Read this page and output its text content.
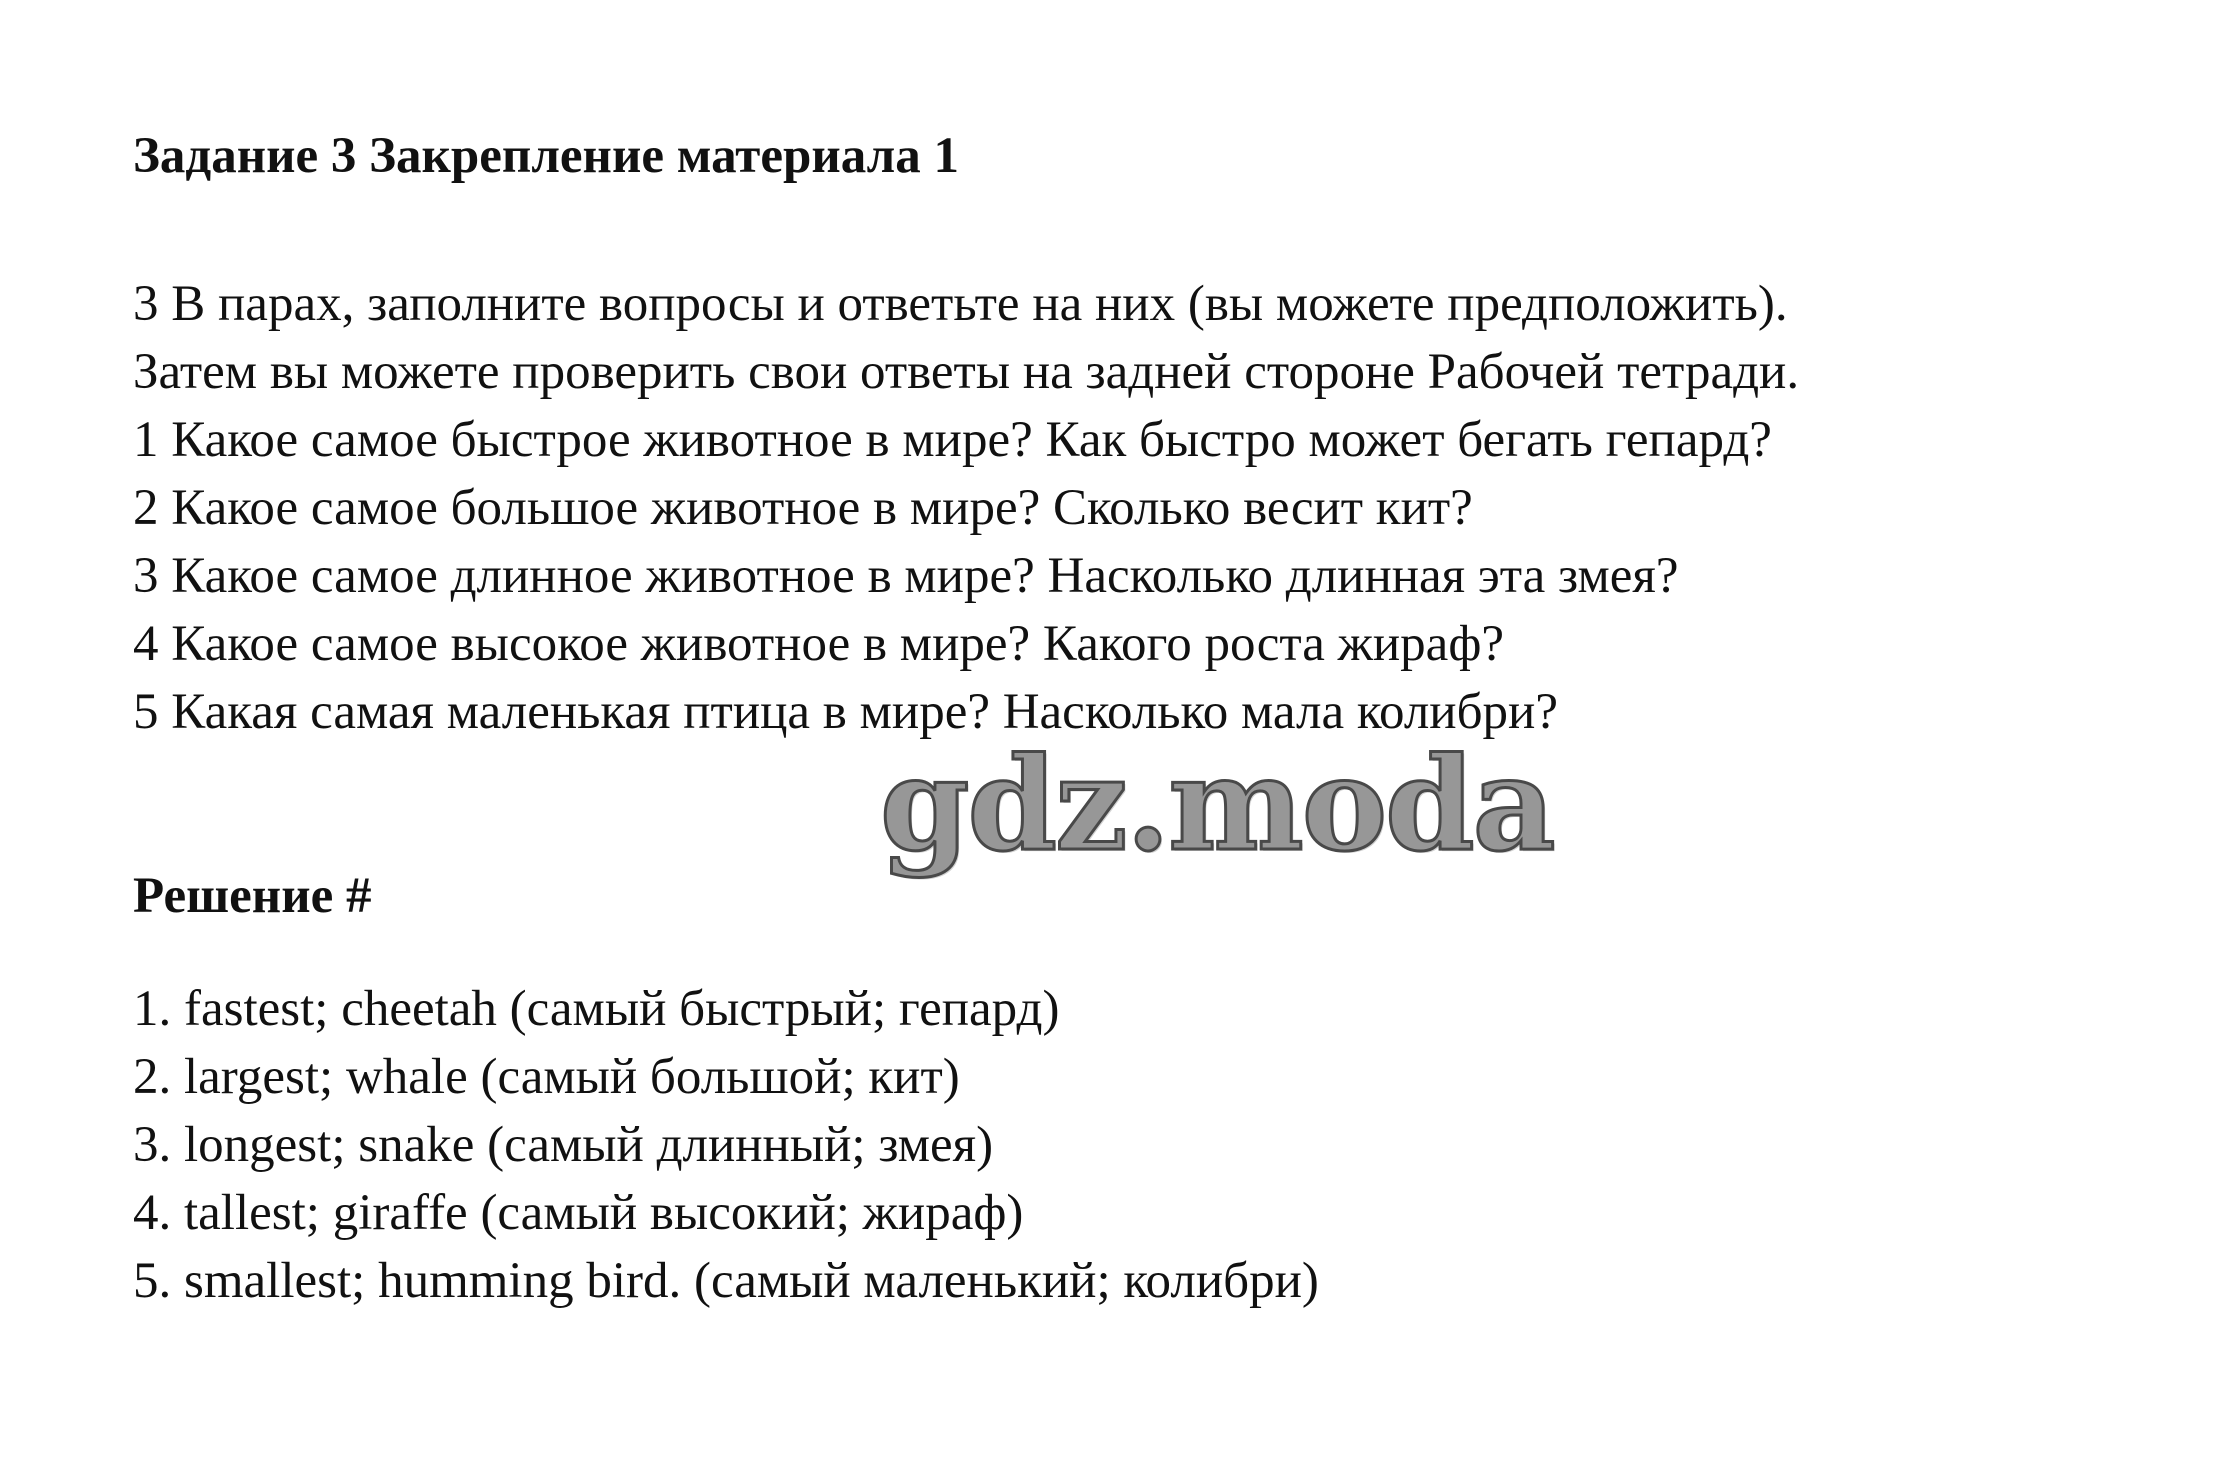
Задание 3 Закрепление материала 1
3 В парах, заполните вопросы и ответьте на них (вы можете предположить).
Затем вы можете проверить свои ответы на задней стороне Рабочей тетради.
1 Какое самое быстрое животное в мире? Как быстро может бегать гепард?
2 Какое самое большое животное в мире? Сколько весит кит?
3 Какое самое длинное животное в мире? Насколько длинная эта змея?
4 Какое самое высокое животное в мире? Какого роста жираф?
5 Какая самая маленькая птица в мире? Насколько мала колибри?
gdz.moda
Решение #
1. fastest; cheetah (самый быстрый; гепард)
2. largest; whale (самый большой; кит)
3. longest; snake (самый длинный; змея)
4. tallest; giraffe (самый высокий; жираф)
5. smallest; humming bird. (самый маленький; колибри)
